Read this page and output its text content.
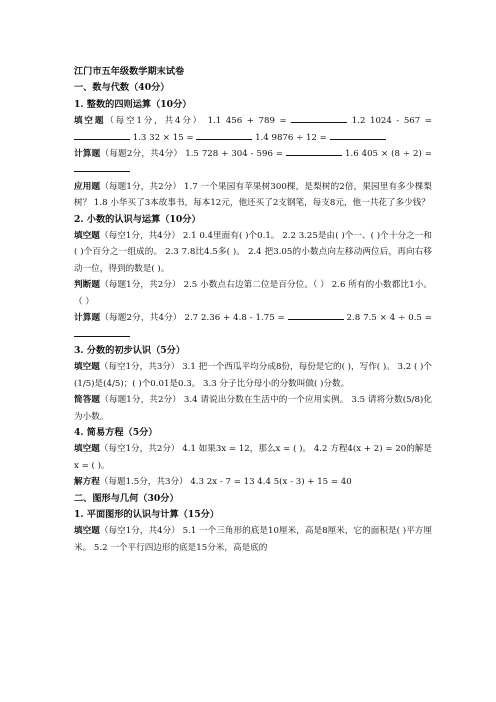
江门市五年级数学期末试卷
一、数与代数（40分）
1. 整数的四则运算（10分）
填空题（每空1分，共4分） 1.1 456 + 789 =	1.2 1024 - 567 =  1.3 32 × 15 =	1.4 9876 ÷ 12 =
计算题（每题2分，共4分） 1.5 728 + 304 - 596 =	1.6 405 × (8 ÷ 2) =
应用题（每题1分，共2分） 1.7 一个果园有苹果树300棵，是梨树的2倍，果园里有多少棵梨树？ 1.8 小华买了3本故事书，每本12元，他还买了2支钢笔，每支8元，他一共花了多少钱？
2. 小数的认识与运算（10分）
填空题（每空1分，共4分） 2.1 0.4里面有( )个0.1。 2.2 3.25是由( )个一、( )个十分之一和( )个百分之一组成的。 2.3 7.8比4.5多( )。 2.4 把3.05的小数点向左移动两位后，再向右移动一位，得到的数是( )。
判断题（每题1分，共2分） 2.5 小数点右边第二位是百分位。（ ） 2.6 所有的小数都比1小。（ ）
计算题（每题2分，共4分） 2.7 2.36 + 4.8 - 1.75 =	2.8 7.5 × 4 ÷ 0.5 =
3. 分数的初步认识（5分）
填空题（每空1分，共3分） 3.1 把一个西瓜平均分成8份，每份是它的( )，写作( )。 3.2 ( )个(1/5)是(4/5)；( )个0.01是0.3。 3.3 分子比分母小的分数叫做( )分数。
简答题（每题1分，共2分） 3.4 请说出分数在生活中的一个应用实例。 3.5 请将分数(5/8)化为小数。
4. 简易方程（5分）
填空题（每空1分，共2分） 4.1 如果3x = 12，那么x = ( )。 4.2 方程4(x + 2) = 20的解是x = ( )。
解方程（每题1.5分，共3分） 4.3 2x - 7 = 13 4.4 5(x - 3) + 15 = 40
二、图形与几何（30分）
1. 平面图形的认识与计算（15分）
填空题（每空1分，共4分） 5.1 一个三角形的底是10厘米，高是8厘米，它的面积是( )平方厘米。 5.2 一个平行四边形的底是15分米，高是底的
